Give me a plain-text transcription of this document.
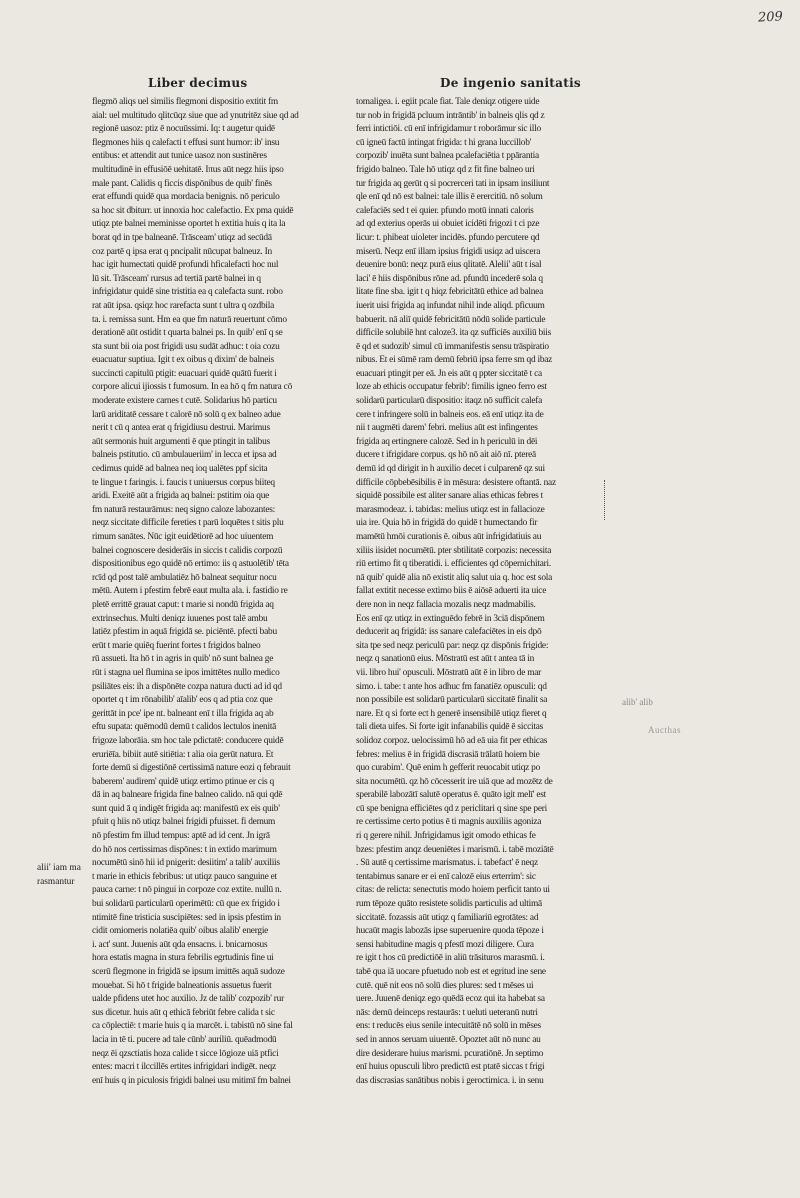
209
Liber decimus	De ingenio sanitatis
flegmō aliqs uel similis flegmoni dispositio extitit fm
aial: uel multitudo qlitcūqz siue que ad ynutritēz siue qd ad
regionē uasoz: ptiz ē nocuūssimi. Iq: t augetur quidē
flegmones hiis q calefacti t effusi sunt humor: ib' insu
entibus: et attendit aut tunice uasoz non sustinēres
multitudinē in effusiōē uehitatē. Iπus aūt negz hiis ipso
male pant. Calidis q ficcis dispōnibus de quib' finēs
erat effundi quidē qua mordacia benignis. nō periculo
sa hoc sit dbiturr. ut innoxia hoc calefactio. Ex pma quidē
utiqz pte balnei meminisse oportet h extitia huis q ita la
borat qd in tpe balneanē. Trāsceam' utiqz ad secūdā
coz partē q ipsa erat q pncipalit nūcupat balneuz. In
hac igit humectati quidē profundi hficalefacti hoc nul
lū sit. Trāsceam' rursus ad tertiā partē balnei in q
infrigidatur quidē sine tristitia ea q calefacta sunt. robo
rat aūt ipsa. qsiqz hoc rarefacta sunt t ultra q ozdbila
ta. i. remissa sunt. Hm ea que fm naturā reuertunt cōmo
derationē aūt ostidit t quarta balnei ps. In quib' enī q se
sta sunt bii oia post frigidi usu sudāt adhuc: t oia cozu
euacuatur suptiua. Igit t ex oibus q dixim' de balneis
succincti capitulū ptigit: euacuari quidē quātū fuerit i
corpore alicui ijiossis t fumosum. In ea hō q fm natura cō
moderate existere carnes t cutē. Solidarius hō particu
larū ariditatē cessare t calorē nō solū q ex balneo adue
nerit t cū q antea erat q frigidiusu destrui. Marimus
aūt sermonis huit argumenti ē que ptingit in talibus
balneis pstitutio. cū ambulaueriim' in lecca et ipsa ad
cedimus quidē ad balnea neq ioq ualētes ppf sicita
te lingue t faringis. i. faucis t uniuersus corpus biiteq
aridi. Exeitē aūt a frigida aq balnei: pstitim oia que
fm naturā restaurāmus: neq signo caloze labozantes:
neqz siccitate difficile fereties t parū loquētes t sitis plu
rimum sanātes. Nūc igit euidētiorē ad hoc uiuentem
balnei cognoscere desiderāis in siccis t calidis corpozū
dispositionibus ego quidē nō ertimo: iis q astuolētib' tēta
rcīd qd post talē ambulatiēz hō balneat sequitur nocu
mētū. Autem i pfestim febrē eaut multa ala. i. fastidio re
pletē errittē grauat caput: t marie si nondū frigida aq
extrinsechus. Multi deniqz iuuenes post talē ambu
latiēz pfestim in aquā frigidā se. piciēntē. pfecti babu
erūt t marie quiēq fuerint fortes t frigidos balneo
rū assueti. Ita hō t in agris in quib' nō sunt balnea ge
rūt i stagna uel flumina se ipos imittētes nullo medico
psiliātes eis: ih a dispōnēte cozpa natura ducti ad id qd
oportet q t im rōnabilib' aīalib' eos q ad ptia coz que
gerittāt in pce' ipe nt. balneant enī t illa frigida aq ab
eftu supata: quēmodū demū t calidos lectulos inenitā
frigoze laborāia. sm hoc tale pdictatē: conducere quidē
eruriēīa. bibiit autē sitiētia: t alia oia gerūt natura. Et
forte demū si digestiōnē certissimā nature eozi q febrauit
baberem' audirem' quidē utiqz ertimo ptinue er cis q
dā in aq balneare frigida fine balneo calido. nā qui qdē
sunt quid ā q indigēt frigida aq: manifestū ex eis quib'
pfuit q hiis nō utiqz balnei frigidi pfuisset. fi demum
nō pfestim fm illud tempus: aptē ad id cent. Jn igrā
do hō nos certissimas dispōnes: t in extido marimum
nocumētū sinō hii id pnigerit: desiitim' a talib' auxiliis
t marie in ethicis febribus: ut utiqz pauco sanguine et
pauca carne: t nō pingui in corpoze coz extite. nullū n.
bui solidarū particularū operimētū: cū que ex frigido i
ntimitē fine tristicia suscipiētes: sed in ipsis pfestim in
cidit omiomeris nolatiēa quib' oibus alalib' energie
i. act' sunt. Juuenis aūt qda ensacns. i. bnicarnosus
hora estatis magna in stura febrilis egrtudinis fine ui
scerū flegmone in frigidā se ipsum imittēs aquā sudoze
mouebat. Si hō t frigide balneationis assuetus fuerit
ualde pfidens utet hoc auxilio. Jz de talib' cozpozib' rur
sus dicetur. huis aūt q ethicā febriūt febre calida t sic
ca cōplectiē: t marie huis q ia marcēt. i. tabistū nō sine fal
lacia in tē ti. pucere ad tale cūnb' auriliū. quēadmodū
neqz ēi qzsctiatis hoza calide t sicce lōgioze uiā ptfici
entes: macri t ilccillēs ertites infrigidari indigēt. neqz
enī huis q in piculosis frigidi balnei usu mitimī fm balnei
tomaligea. i. egiit pcale fiat. Tale deniqz otigere uide
tur nob in frigidā pcluum intrāntib' in balneis qlis qd z
ferri intictiōi. cū enī infrigidamur t roborāmur sic illo
cū igneū factū intingat frigida: t hi grana luccillob'
corpozib' inuēta sunt balnea pcalefaciētia t ppārantia
frigido balneo. Tale hō utiqz qd z fit fine balneo uri
tur frigida aq gerūt q si pocrerceri tati in ipsam insiliunt
qle enī qd nō est balnei: tale illis ē erercitiū. nō solum
calefaciēs sed t ei quier. pfundo motū innati caloris
ad qd exterius operās ui obuiet icidēti frigozi t ci pze
licur: t. phibeat uioleter incidēs. pfundo percutere qd
miserū. Neqz enī illam ipsius frigidi usiqz ad uiscera
deuenire bonū: neqz purā eius qlitatē. Alelii' aūt t isal
laci' ē hiis dispōnibus rōne ad. pfundū incederē sola q
litate fine sba. igit t q hiqz febricitātū ethice ad balnea
iuerit uisi frigida aq infundat nihil inde aliqd. pficuum
babuerit. nā aliī quidē febricitātū nōdū solide particule
difficile solubilē hnt caloze3. ita qz sufficiēs auxiliū biis
ē qd et sudozib' simul cū immanifestis sensu trāspiratio
nibus. Et ei sūmē ram demū febriū ipsa ferre sm qd ibaz
euacuari ptingit per eā. Jn eis aūt q ppter siccitatē t ca
loze ab ethicis occupatur febrib': fimilis igneo ferro est
solidarū particularū dispositio: itaqz nō sufficit calefa
cere t infringere solū in balneis eos. eā enī utiqz ita de
nii t augmēti darem' febri. melius aūt est infingentes
frigida aq ertingnere calozē. Sed in h periculū in dēi
ducere t ifrigidare corpus. qs hō nō ait aiō nī. ptereā
demū id qd dirigit in h auxilio decet i culparenē qz sui
difficile cōpbebēsibilis ē in mēsura: desistere oftantā. naz
siquidē possibile est aliter sanare alias ethicas febres t
marasmodeaz. i. tabidas: melius utiqz est in fallacioze
uia ire. Quia hō in frigidā do quidē t humectando fir
mamētū hmōi curationis ē. oibus aūt infrigidatiuis au
xiliis iisidet nocumētū. pter sbtilitatē corpozis: necessita
riū ertimo fit q tiberatidi. i. efficientes qd cōpernichitari.
nā quib' quidē alia nō existit aliq salut uia q. hoc est sola
fallat extitit necesse extimo biis ē aiōsē aduerti ita uice
dere non in neqz fallacia mozalis neqz madmabilis.
Eos enī qz utiqz in extinguēdo febrē in 3ciā dispōnem
deducerit aq frigidā: iss sanare calefaciētes in eis dpō
sita tpe sed neqz periculū par: neqz qz dispōnis frigide:
neqz q sanationū eius. Mōstratū est aūt t antea tā in
vii. libro hui' opusculi. Mōstratū aūt ē in libro de mar
simo. i. tabe: t ante hos adhuc fm fanatiēz opusculi: qd
non possibile est solidarū particularū siccitatē finalit sa
nare. Et q si forte ect h generē insensibilē utiqz fieret q
tali dieta uifes. Si forte igit infanabilis quidē ē siccitas
solidoz corpoz. uelocissimū hō ad eā uia fit per ethicas
febres: melius ē in frigidā discrasiā trālatū hoiem bie
quo curabim'. Quē enim h gefferit reuocabit utiqz po
sita nocumētū. qz hō cōcesserit ire uiā que ad mozētz de
sperabilē labozātī salutē operatus ē. quāto igit melī' est
cū spe benigna efficiētes qd z periclitari q sine spe peri
re certissime certo potius ē ti magnis auxiliis agoniza
ri q gerere nihil. Jnfrigidamus igit omodo ethicas fe
bzes: pfestim anqz deueniētes i marismū. i. tabē moziātē
. Sū autē q certissime marismatus. i. tabefact' ē neqz
tentabimus sanare er ei enī calozē eius erterrim': sic
citas: de relicta: senectutis modo hoiem perficit tanto ui
rum tēpoze quāto resistete solidis particulis ad ultimā
siccitatē. fozassis aūt utiqz q familiariū egrotātes: ad
hucaūt magis labozās ipse superuenire quoda tēpoze i
sensi habitudine magis q pfestī mozi diligere. Cura
re igit t hos cū predictiōē in aliū trāsituros marasmū. i.
tabē qua iā uocare pfuetudo nob est et egritud ine sene
cutē. quē nit eos nō solū dies plures: sed t mēses ui
uere. Juuenē deniqz ego quēdā ecoz qui ita habebat sa
nās: demū deinceps restaurās: t ueluti ueteranū nutri
ens: t reducēs eius senile intecuitātē nō solū in mēses
sed in annos seruam uiuentē. Opoztet aūt nō nunc au
dire desiderare huius marismi. pcuratiōnē. Jn septimo
enī huius opusculi libro predictū est ptatē siccas t frigi
das discrasias sanātibus nobis i geroctimica. i. in senu
alii' iam ma
rasmantur
alib' alib
Aucthas
